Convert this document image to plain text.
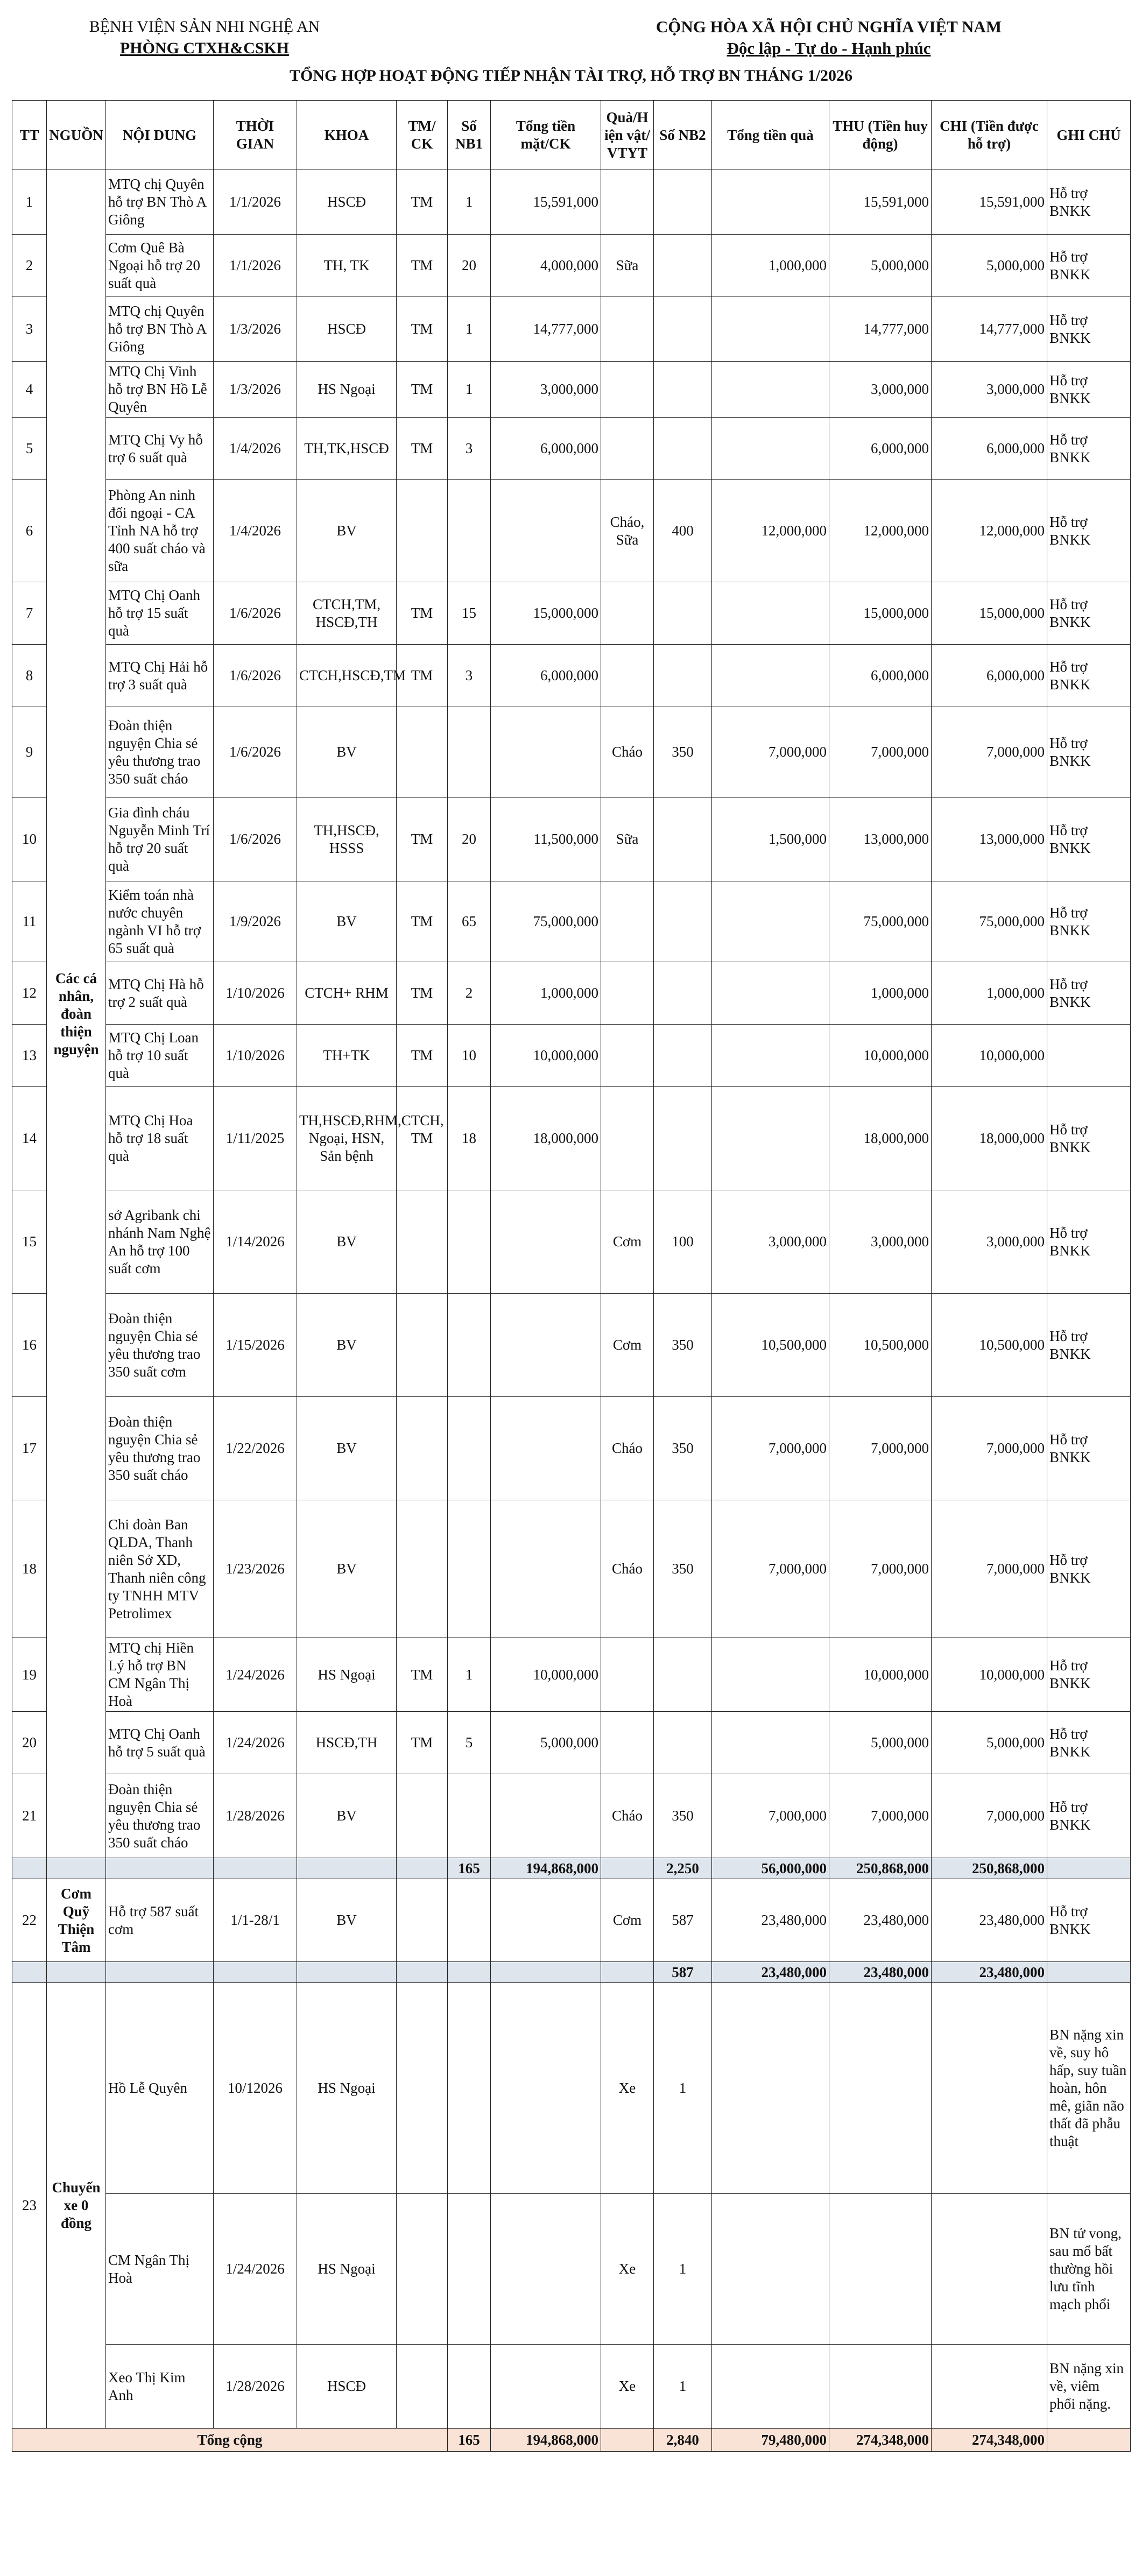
BỆNH VIỆN SẢN NHI NGHỆ AN
PHÒNG CTXH&CSKH
CỘNG HÒA XÃ HỘI CHỦ NGHĨA VIỆT NAM
Độc lập - Tự do - Hạnh phúc
TỔNG HỢP HOẠT ĐỘNG TIẾP NHẬN TÀI TRỢ, HỖ TRỢ BN THÁNG 1/2026
TT	NGUỒN	NỘI DUNG	THỜI GIAN	KHOA	TM/ CK	Số NB1	Tổng tiền mặt/CK	Quà/H iện vật/ VTYT	Số NB2	Tổng tiền quà	THU (Tiền huy động)	CHI (Tiền được hỗ trợ)	GHI CHÚ
1	Các cá nhân, đoàn thiện nguyện	MTQ chị Quyên hỗ trợ BN Thò A Giông	1/1/2026	HSCĐ	TM	1	15,591,000				15,591,000	15,591,000	Hỗ trợ BNKK
2		Cơm Quê Bà Ngoại hỗ trợ 20 suất quà	1/1/2026	TH, TK	TM	20	4,000,000	Sữa		1,000,000	5,000,000	5,000,000	Hỗ trợ BNKK
3		MTQ chị Quyên hỗ trợ BN Thò A Giông	1/3/2026	HSCĐ	TM	1	14,777,000				14,777,000	14,777,000	Hỗ trợ BNKK
4		MTQ Chị Vinh hỗ trợ BN Hồ Lễ Quyên	1/3/2026	HS Ngoại	TM	1	3,000,000				3,000,000	3,000,000	Hỗ trợ BNKK
5		MTQ Chị Vy hỗ trợ 6 suất quà	1/4/2026	TH,TK,HSCĐ	TM	3	6,000,000				6,000,000	6,000,000	Hỗ trợ BNKK
6		Phòng An ninh đối ngoại - CA Tỉnh NA hỗ trợ 400 suất cháo và sữa	1/4/2026	BV				Cháo, Sữa	400	12,000,000	12,000,000	12,000,000	Hỗ trợ BNKK
7		MTQ Chị Oanh hỗ trợ 15 suất quà	1/6/2026	CTCH,TM, HSCĐ,TH	TM	15	15,000,000				15,000,000	15,000,000	Hỗ trợ BNKK
8		MTQ Chị Hải hỗ trợ 3 suất quà	1/6/2026	CTCH,HSCĐ,TM	TM	3	6,000,000				6,000,000	6,000,000	Hỗ trợ BNKK
9		Đoàn thiện nguyện Chia sẻ yêu thương trao 350 suất cháo	1/6/2026	BV				Cháo	350	7,000,000	7,000,000	7,000,000	Hỗ trợ BNKK
10		Gia đình cháu Nguyễn Minh Trí hỗ trợ 20 suất quà	1/6/2026	TH,HSCĐ, HSSS	TM	20	11,500,000	Sữa		1,500,000	13,000,000	13,000,000	Hỗ trợ BNKK
11		Kiểm toán nhà nước chuyên ngành VI hỗ trợ 65 suất quà	1/9/2026	BV	TM	65	75,000,000				75,000,000	75,000,000	Hỗ trợ BNKK
12		MTQ Chị Hà hỗ trợ 2 suất quà	1/10/2026	CTCH+ RHM	TM	2	1,000,000				1,000,000	1,000,000	Hỗ trợ BNKK
13		MTQ Chị Loan hỗ trợ 10 suất quà	1/10/2026	TH+TK	TM	10	10,000,000				10,000,000	10,000,000	
14		MTQ Chị Hoa hỗ trợ 18 suất quà	1/11/2025	TH,HSCĐ,RHM,CTCH, Ngoại, HSN, Sản bệnh	TM	18	18,000,000				18,000,000	18,000,000	Hỗ trợ BNKK
15		sở Agribank chi nhánh Nam Nghệ An hỗ trợ 100 suất cơm	1/14/2026	BV				Cơm	100	3,000,000	3,000,000	3,000,000	Hỗ trợ BNKK
16		Đoàn thiện nguyện Chia sẻ yêu thương trao 350 suất cơm	1/15/2026	BV				Cơm	350	10,500,000	10,500,000	10,500,000	Hỗ trợ BNKK
17		Đoàn thiện nguyện Chia sẻ yêu thương trao 350 suất cháo	1/22/2026	BV				Cháo	350	7,000,000	7,000,000	7,000,000	Hỗ trợ BNKK
18		Chi đoàn Ban QLDA, Thanh niên Sở XD, Thanh niên công ty TNHH MTV Petrolimex	1/23/2026	BV				Cháo	350	7,000,000	7,000,000	7,000,000	Hỗ trợ BNKK
19		MTQ chị Hiền Lý hỗ trợ BN CM Ngân Thị Hoà	1/24/2026	HS Ngoại	TM	1	10,000,000				10,000,000	10,000,000	Hỗ trợ BNKK
20		MTQ Chị Oanh hỗ trợ 5 suất quà	1/24/2026	HSCĐ,TH	TM	5	5,000,000				5,000,000	5,000,000	Hỗ trợ BNKK
21		Đoàn thiện nguyện Chia sẻ yêu thương trao 350 suất cháo	1/28/2026	BV				Cháo	350	7,000,000	7,000,000	7,000,000	Hỗ trợ BNKK
						165	194,868,000		2,250	56,000,000	250,868,000	250,868,000	
22	Cơm Quỹ Thiện Tâm	Hỗ trợ 587 suất cơm	1/1-28/1	BV				Cơm	587	23,480,000	23,480,000	23,480,000	Hỗ trợ BNKK
									587	23,480,000	23,480,000	23,480,000	
23	Chuyến xe 0 đồng	Hồ Lễ Quyên	10/12026	HS Ngoại				Xe	1				BN nặng xin về, suy hô hấp, suy tuần hoàn, hôn mê, giãn não thất đã phẫu thuật
		CM Ngân Thị Hoà	1/24/2026	HS Ngoại				Xe	1				BN tử vong, sau mổ bất thường hồi lưu tĩnh mạch phổi
		Xeo Thị Kim Anh	1/28/2026	HSCĐ				Xe	1				BN nặng xin về, viêm phổi nặng.
Tổng cộng						165	194,868,000		2,840	79,480,000	274,348,000	274,348,000	
